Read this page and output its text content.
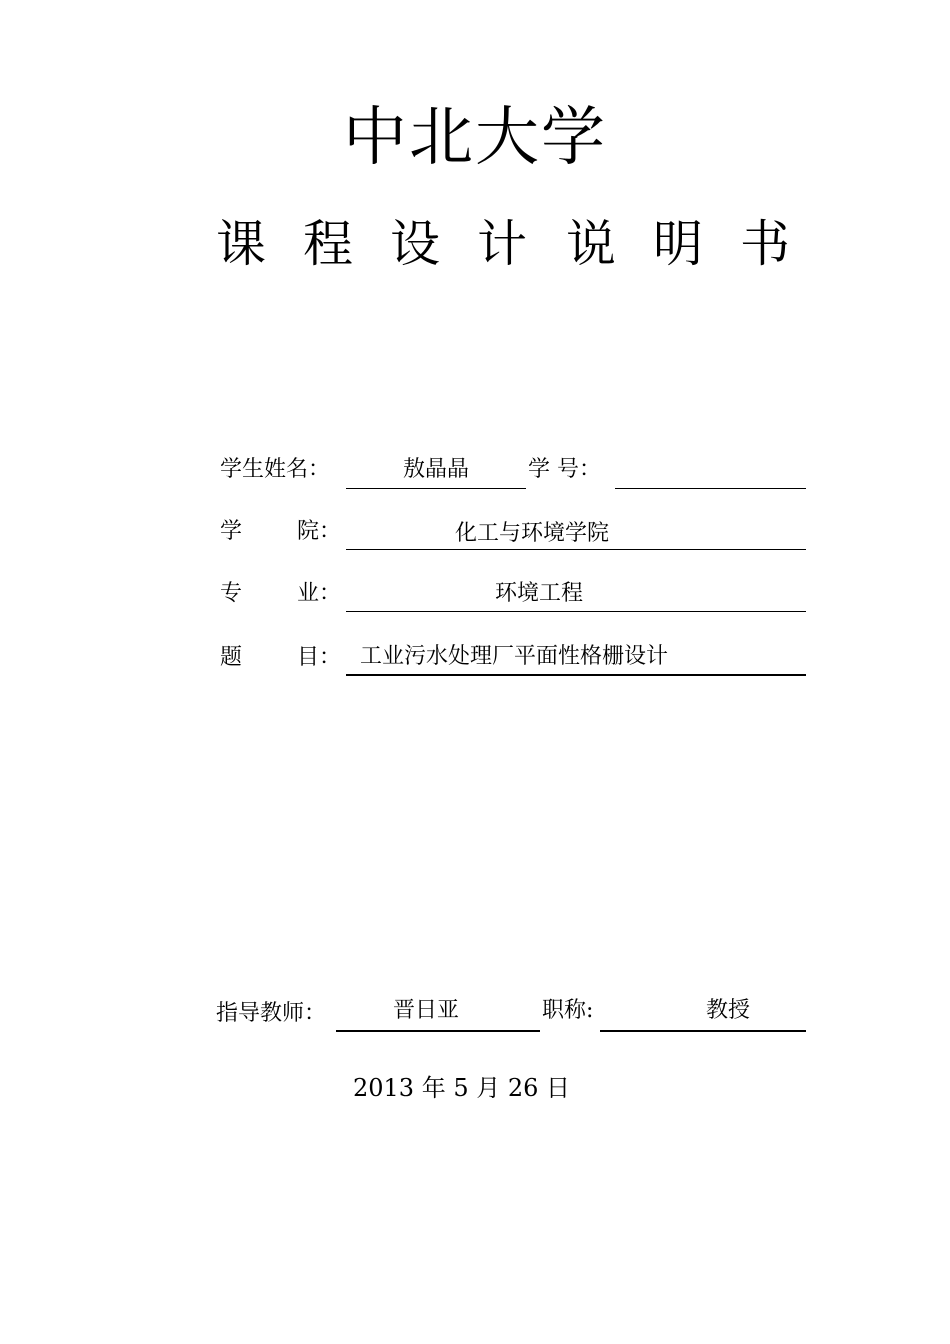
中北大学
课 程 设 计 说 明 书
学生姓名：	敖晶晶	学 号：
学 院：	化工与环境学院
专 业：	环境工程
题 目： 工业污水处理厂平面性格栅设计
指导教师：	晋日亚	职称:	教授
2013 年 5 月 26 日
